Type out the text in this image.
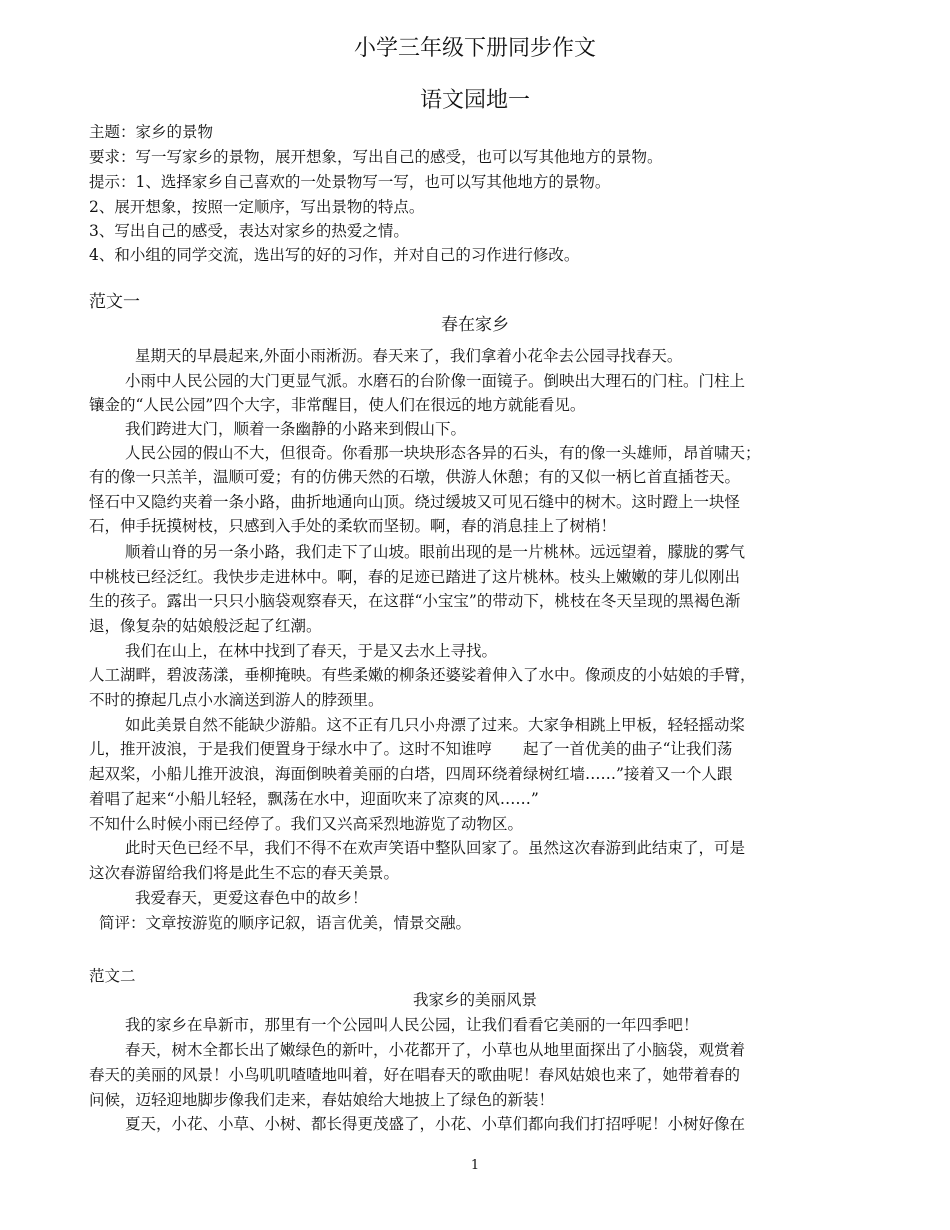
小学三年级下册同步作文
语文园地一
主题：家乡的景物
要求：写一写家乡的景物，展开想象，写出自己的感受，也可以写其他地方的景物。
提示：1、选择家乡自己喜欢的一处景物写一写，也可以写其他地方的景物。
2、展开想象，按照一定顺序，写出景物的特点。
3、写出自己的感受，表达对家乡的热爱之情。
4、和小组的同学交流，选出写的好的习作，并对自己的习作进行修改。
范文一
春在家乡
星期天的早晨起来,外面小雨淅沥。春天来了，我们拿着小花伞去公园寻找春天。
小雨中人民公园的大门更显气派。水磨石的台阶像一面镜子。倒映出大理石的门柱。门柱上
镶金的“人民公园”四个大字，非常醒目，使人们在很远的地方就能看见。
我们跨进大门，顺着一条幽静的小路来到假山下。
人民公园的假山不大，但很奇。你看那一块块形态各异的石头，有的像一头雄师，昂首啸天；
有的像一只羔羊，温顺可爱；有的仿佛天然的石墩，供游人休憩；有的又似一柄匕首直插苍天。
怪石中又隐约夹着一条小路，曲折地通向山顶。绕过缓坡又可见石缝中的树木。这时蹬上一块怪
石，伸手抚摸树枝，只感到入手处的柔软而坚韧。啊，春的消息挂上了树梢！
顺着山脊的另一条小路，我们走下了山坡。眼前出现的是一片桃林。远远望着，朦胧的雾气
中桃枝已经泛红。我快步走进林中。啊，春的足迹已踏进了这片桃林。枝头上嫩嫩的芽儿似刚出
生的孩子。露出一只只小脑袋观察春天，在这群“小宝宝”的带动下，桃枝在冬天呈现的黑褐色渐
退，像复杂的姑娘般泛起了红潮。
我们在山上，在林中找到了春天，于是又去水上寻找。
人工湖畔，碧波荡漾，垂柳掩映。有些柔嫩的柳条还婆娑着伸入了水中。像顽皮的小姑娘的手臂，
不时的撩起几点小水滴送到游人的脖颈里。
如此美景自然不能缺少游船。这不正有几只小舟漂了过来。大家争相跳上甲板，轻轻摇动桨
儿，推开波浪，于是我们便置身于绿水中了。这时不知谁哼　　起了一首优美的曲子“让我们荡
起双桨，小船儿推开波浪，海面倒映着美丽的白塔，四周环绕着绿树红墙……”接着又一个人跟
着唱了起来“小船儿轻轻，飘荡在水中，迎面吹来了凉爽的风……”
不知什么时候小雨已经停了。我们又兴高采烈地游览了动物区。
此时天色已经不早，我们不得不在欢声笑语中整队回家了。虽然这次春游到此结束了，可是
这次春游留给我们将是此生不忘的春天美景。
我爱春天，更爱这春色中的故乡！
简评：文章按游览的顺序记叙，语言优美，情景交融。
范文二
我家乡的美丽风景
我的家乡在阜新市，那里有一个公园叫人民公园，让我们看看它美丽的一年四季吧！
春天，树木全都长出了嫩绿色的新叶，小花都开了，小草也从地里面探出了小脑袋，观赏着
春天的美丽的风景！小鸟叽叽喳喳地叫着，好在唱春天的歌曲呢！春风姑娘也来了，她带着春的
问候，迈轻迎地脚步像我们走来，春姑娘给大地披上了绿色的新装！
夏天，小花、小草、小树、都长得更茂盛了，小花、小草们都向我们打招呼呢！小树好像在
1
